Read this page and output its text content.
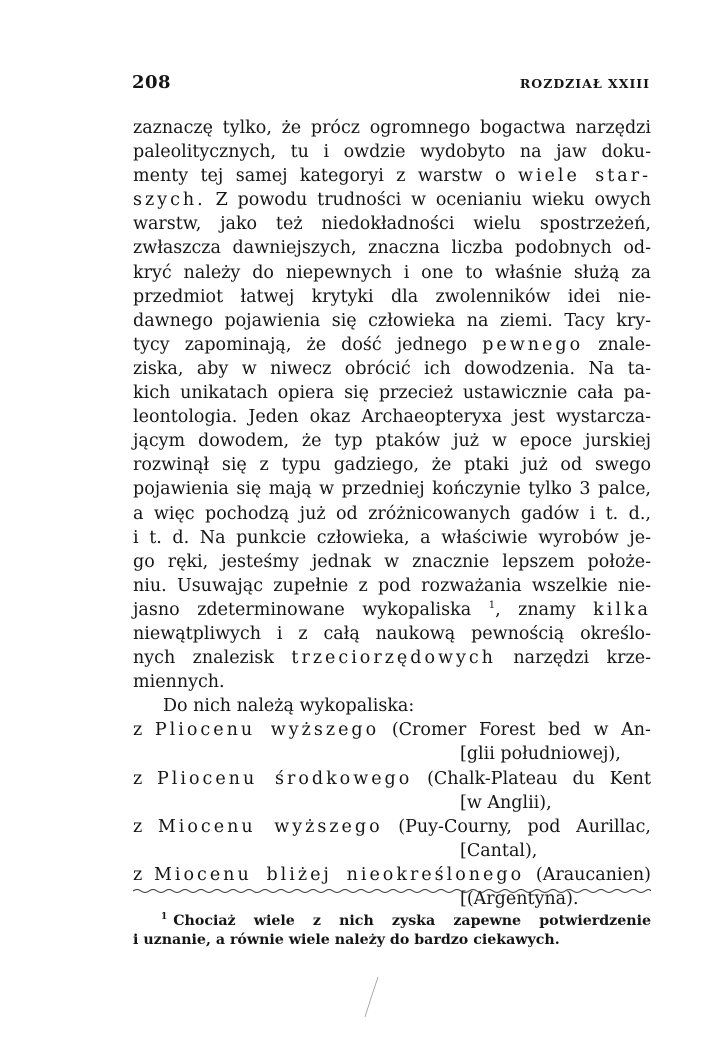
208	ROZDZIAŁ XXIII
zaznaczę tylko, że prócz ogromnego bogactwa narzędzi
paleolitycznych, tu i owdzie wydobyto na jaw doku-
menty tej samej kategoryi z warstw o wiele star-
szych. Z powodu trudności w ocenianiu wieku owych
warstw, jako też niedokładności wielu spostrzeżeń,
zwłaszcza dawniejszych, znaczna liczba podobnych od-
kryć należy do niepewnych i one to właśnie służą za
przedmiot łatwej krytyki dla zwolenników idei nie-
dawnego pojawienia się człowieka na ziemi. Tacy kry-
tycy zapominają, że dość jednego pewnego znale-
ziska, aby w niwecz obrócić ich dowodzenia. Na ta-
kich unikatach opiera się przecież ustawicznie cała pa-
leontologia. Jeden okaz Archaeopteryxa jest wystarcza-
jącym dowodem, że typ ptaków już w epoce jurskiej
rozwinął się z typu gadziego, że ptaki już od swego
pojawienia się mają w przedniej kończynie tylko 3 palce,
a więc pochodzą już od zróżnicowanych gadów i t. d.,
i t. d. Na punkcie człowieka, a właściwie wyrobów je-
go ręki, jesteśmy jednak w znacznie lepszem położe-
niu. Usuwając zupełnie z pod rozważania wszelkie nie-
jasno zdeterminowane wykopaliska $^1$, znamy kilka
niewątpliwych i z całą naukową pewnością określo-
nych znalezisk trzeciorzędowych narzędzi krze-
miennych.
Do nich należą wykopaliska:
z Pliocenu wyższego (Cromer Forest bed w An-
[glii południowej),
z Pliocenu środkowego (Chalk-Plateau du Kent
[w Anglii),
z Miocenu wyższego (Puy-Courny, pod Aurillac,
[Cantal),
z Miocenu bliżej nieokreślonego (Araucanien)
[(Argentyna).
$^1$ Chociaż wiele z nich zyska zapewne potwierdzenie
i uznanie, a równie wiele należy do bardzo ciekawych.
